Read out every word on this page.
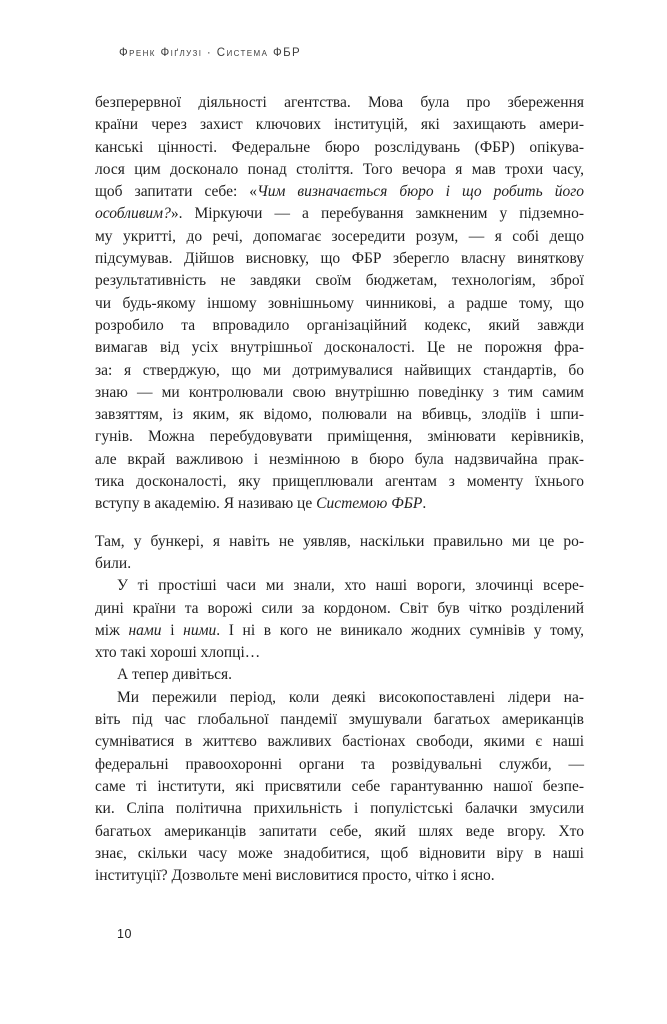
Френк Фіґлузі · Система ФБР
безперервної діяльності агентства. Мова була про збереження
країни через захист ключових інституцій, які захищають амери-
канські цінності. Федеральне бюро розслідувань (ФБР) опікува-
лося цим досконало понад століття. Того вечора я мав трохи часу,
щоб запитати себе: «Чим визначається бюро і що робить його
особливим?». Міркуючи — а перебування замкненим у підземно-
му укритті, до речі, допомагає зосередити розум, — я собі дещо
підсумував. Дійшов висновку, що ФБР зберегло власну виняткову
результативність не завдяки своїм бюджетам, технологіям, зброї
чи будь-якому іншому зовнішньому чинникові, а радше тому, що
розробило та впровадило організаційний кодекс, який завжди
вимагав від усіх внутрішньої досконалості. Це не порожня фра-
за: я стверджую, що ми дотримувалися найвищих стандартів, бо
знаю — ми контролювали свою внутрішню поведінку з тим самим
завзяттям, із яким, як відомо, полювали на вбивць, злодіїв і шпи-
гунів. Можна перебудовувати приміщення, змінювати керівників,
але вкрай важливою і незмінною в бюро була надзвичайна прак-
тика досконалості, яку прищеплювали агентам з моменту їхнього
вступу в академію. Я називаю це Системою ФБР.
Там, у бункері, я навіть не уявляв, наскільки правильно ми це ро-
били.
У ті простіші часи ми знали, хто наші вороги, злочинці всере-
дині країни та ворожі сили за кордоном. Світ був чітко розділений
між нами і ними. І ні в кого не виникало жодних сумнівів у тому,
хто такі хороші хлопці…
А тепер дивіться.
Ми пережили період, коли деякі високопоставлені лідери на-
віть під час глобальної пандемії змушували багатьох американців
сумніватися в життєво важливих бастіонах свободи, якими є наші
федеральні правоохоронні органи та розвідувальні служби, —
саме ті інститути, які присвятили себе гарантуванню нашої безпе-
ки. Сліпа політична прихильність і популістські балачки змусили
багатьох американців запитати себе, який шлях веде вгору. Хто
знає, скільки часу може знадобитися, щоб відновити віру в наші
інституції? Дозвольте мені висловитися просто, чітко і ясно.
10
